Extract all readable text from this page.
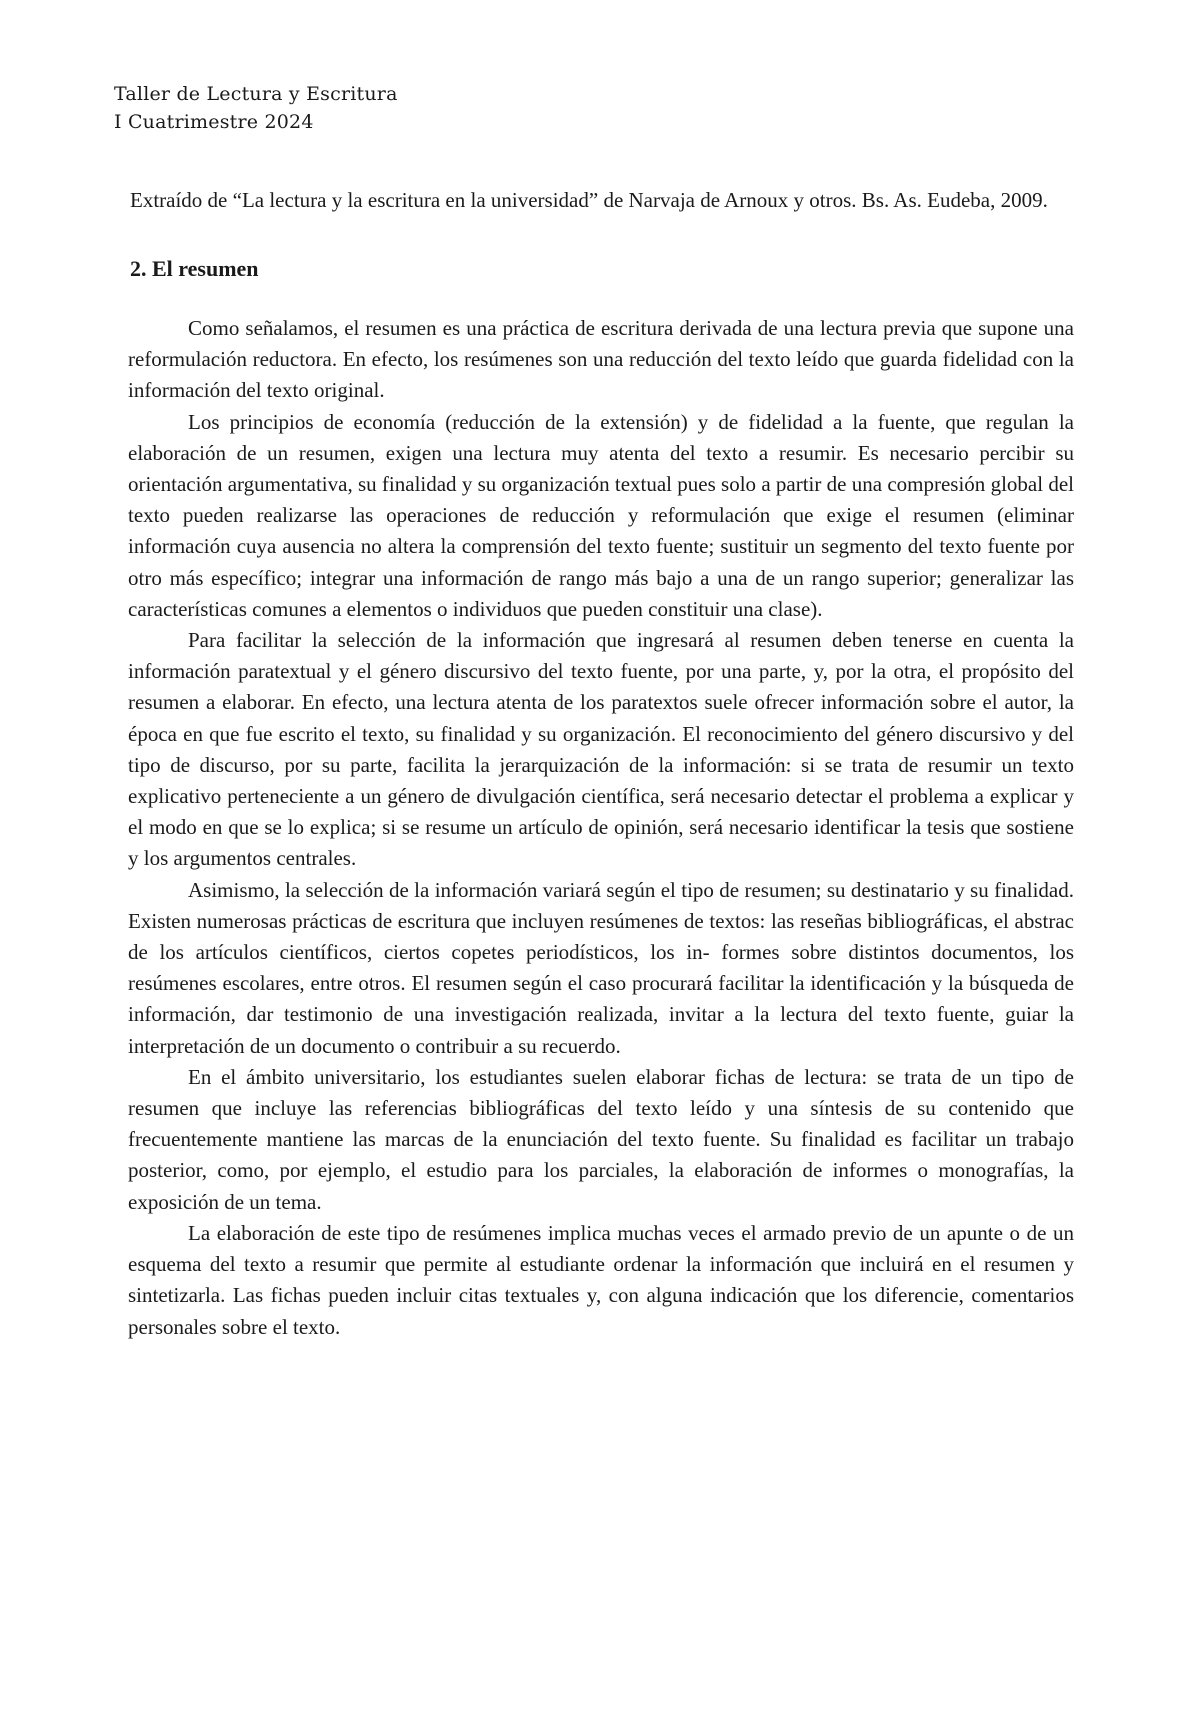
Taller de Lectura y Escritura
I Cuatrimestre 2024
Extraído de “La lectura y la escritura en la universidad” de Narvaja de Arnoux y otros. Bs. As. Eudeba, 2009.
2. El resumen

Como señalamos, el resumen es una práctica de escritura derivada de una lectura previa que supone una reformulación reductora. En efecto, los resúmenes son una reducción del texto leído que guarda fidelidad con la información del texto original.

Los principios de economía (reducción de la extensión) y de fidelidad a la fuente, que regulan la elaboración de un resumen, exigen una lectura muy atenta del texto a resumir. Es necesario percibir su orientación argumentativa, su finalidad y su organización textual pues solo a partir de una compresión global del texto pueden realizarse las operaciones de reducción y reformulación que exige el resumen (eliminar información cuya ausencia no altera la comprensión del texto fuente; sustituir un segmento del texto fuente por otro más específico; integrar una información de rango más bajo a una de un rango superior; generalizar las características comunes a elementos o individuos que pueden constituir una clase).

Para facilitar la selección de la información que ingresará al resumen deben tenerse en cuenta la información paratextual y el género discursivo del texto fuente, por una parte, y, por la otra, el propósito del resumen a elaborar. En efecto, una lectura atenta de los paratextos suele ofrecer información sobre el autor, la época en que fue escrito el texto, su finalidad y su organización. El reconocimiento del género discursivo y del tipo de discurso, por su parte, facilita la jerarquización de la información: si se trata de resumir un texto explicativo perteneciente a un género de divulgación científica, será necesario detectar el problema a explicar y el modo en que se lo explica; si se resume un artículo de opinión, será necesario identificar la tesis que sostiene y los argumentos centrales.

Asimismo, la selección de la información variará según el tipo de resumen; su destinatario y su finalidad. Existen numerosas prácticas de escritura que incluyen resúmenes de textos: las reseñas bibliográficas, el abstrac de los artículos científicos, ciertos copetes periodísticos, los in- formes sobre distintos documentos, los resúmenes escolares, entre otros. El resumen según el caso procurará facilitar la identificación y la búsqueda de información, dar testimonio de una investigación realizada, invitar a la lectura del texto fuente, guiar la interpretación de un documento o contribuir a su recuerdo.

En el ámbito universitario, los estudiantes suelen elaborar fichas de lectura: se trata de un tipo de resumen que incluye las referencias bibliográficas del texto leído y una síntesis de su contenido que frecuentemente mantiene las marcas de la enunciación del texto fuente. Su finalidad es facilitar un trabajo posterior, como, por ejemplo, el estudio para los parciales, la elaboración de informes o monografías, la exposición de un tema.

La elaboración de este tipo de resúmenes implica muchas veces el armado previo de un apunte o de un esquema del texto a resumir que permite al estudiante ordenar la información que incluirá en el resumen y sintetizarla. Las fichas pueden incluir citas textuales y, con alguna indicación que los diferencie, comentarios personales sobre el texto.
